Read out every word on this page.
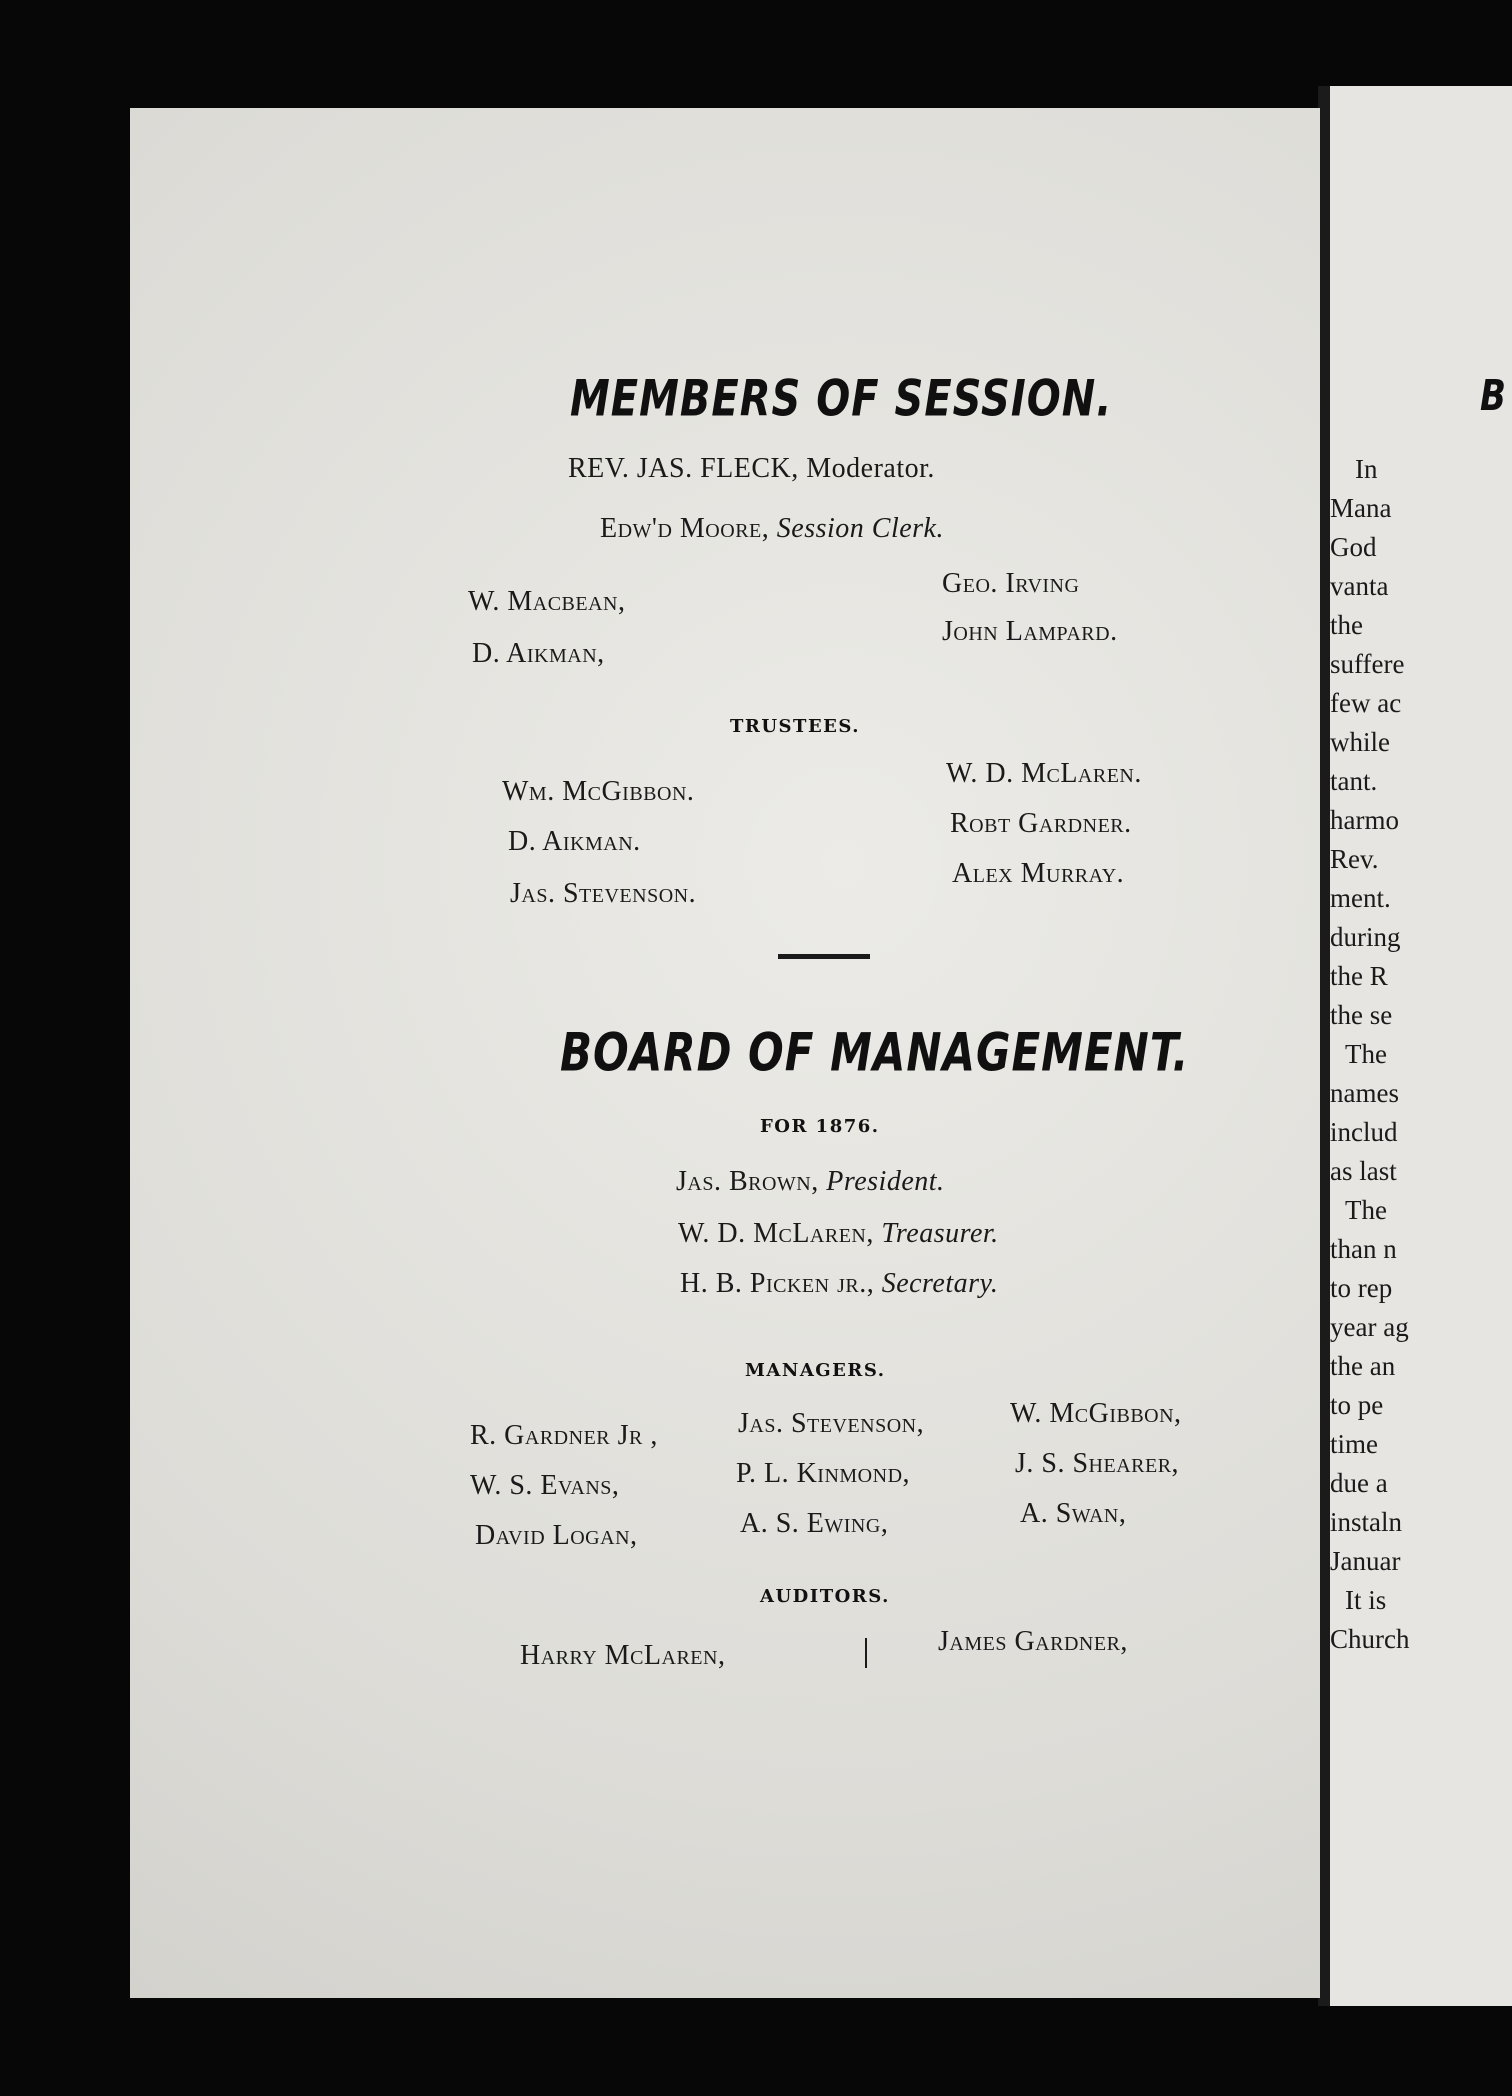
B
In
Mana
God
vanta
the
suffere
few ac
while
tant.
harmo
Rev.
ment.
during
the R
the se
The
names
includ
as last
The
than n
to rep
year ag
the an
to pe
time
due a
instaln
Januar
It is
Church
MEMBERS OF SESSION.
REV. JAS. FLECK, Moderator.
Edw'd Moore, Session Clerk.
W. Macbean,
D. Aikman,
Geo. Irving
John Lampard.
TRUSTEES.
Wm. McGibbon.
D. Aikman.
Jas. Stevenson.
W. D. McLaren.
Robt Gardner.
Alex Murray.
BOARD OF MANAGEMENT.
FOR 1876.
Jas. Brown, President.
W. D. McLaren, Treasurer.
H. B. Picken jr., Secretary.
MANAGERS.
R. Gardner Jr ,
W. S. Evans,
David Logan,
Jas. Stevenson,
P. L. Kinmond,
A. S. Ewing,
W. McGibbon,
J. S. Shearer,
A. Swan,
AUDITORS.
Harry McLaren,	James Gardner,
